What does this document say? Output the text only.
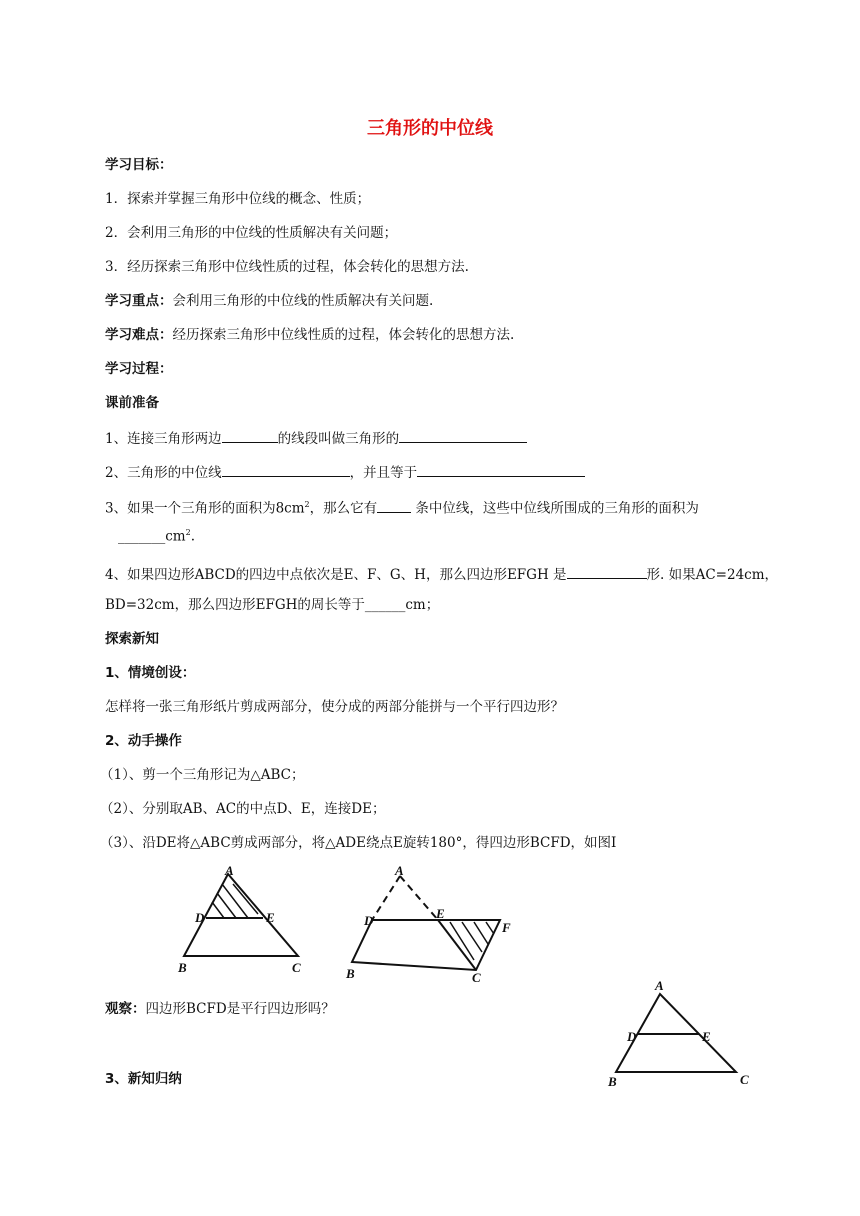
三角形的中位线
学习目标：
1．探索并掌握三角形中位线的概念、性质；
2．会利用三角形的中位线的性质解决有关问题；
3．经历探索三角形中位线性质的过程，体会转化的思想方法.
学习重点：会利用三角形的中位线的性质解决有关问题.
学习难点：经历探索三角形中位线性质的过程，体会转化的思想方法.
学习过程：
课前准备
1、连接三角形两边	的线段叫做三角形的
2、三角形的中位线	，并且等于
3、如果一个三角形的面积为$8cm^2$，那么它有	条中位线，这些中位线所围成的三角形的面积为
$\_\_\_\_\_\_\_cm^2$.
4、如果四边形ABCD的四边中点依次是E、F、G、H，那么四边形EFGH 是	形. 如果AC=24cm，
BD=32cm，那么四边形EFGH的周长等于______cm；
探索新知
1、情境创设：
怎样将一张三角形纸片剪成两部分，使分成的两部分能拼与一个平行四边形？
2、动手操作
（1）、剪一个三角形记为△ABC；
（2）、分别取AB、AC的中点D、E，连接DE；
（3）、沿DE将△ABC剪成两部分，将△ADE绕点E旋转180°，得四边形BCFD，如图Ⅰ
A
D	E
B	C
A
D	E
F
B	C
观察：四边形BCFD是平行四边形吗？
A
D	E
B	C
3、新知归纳
